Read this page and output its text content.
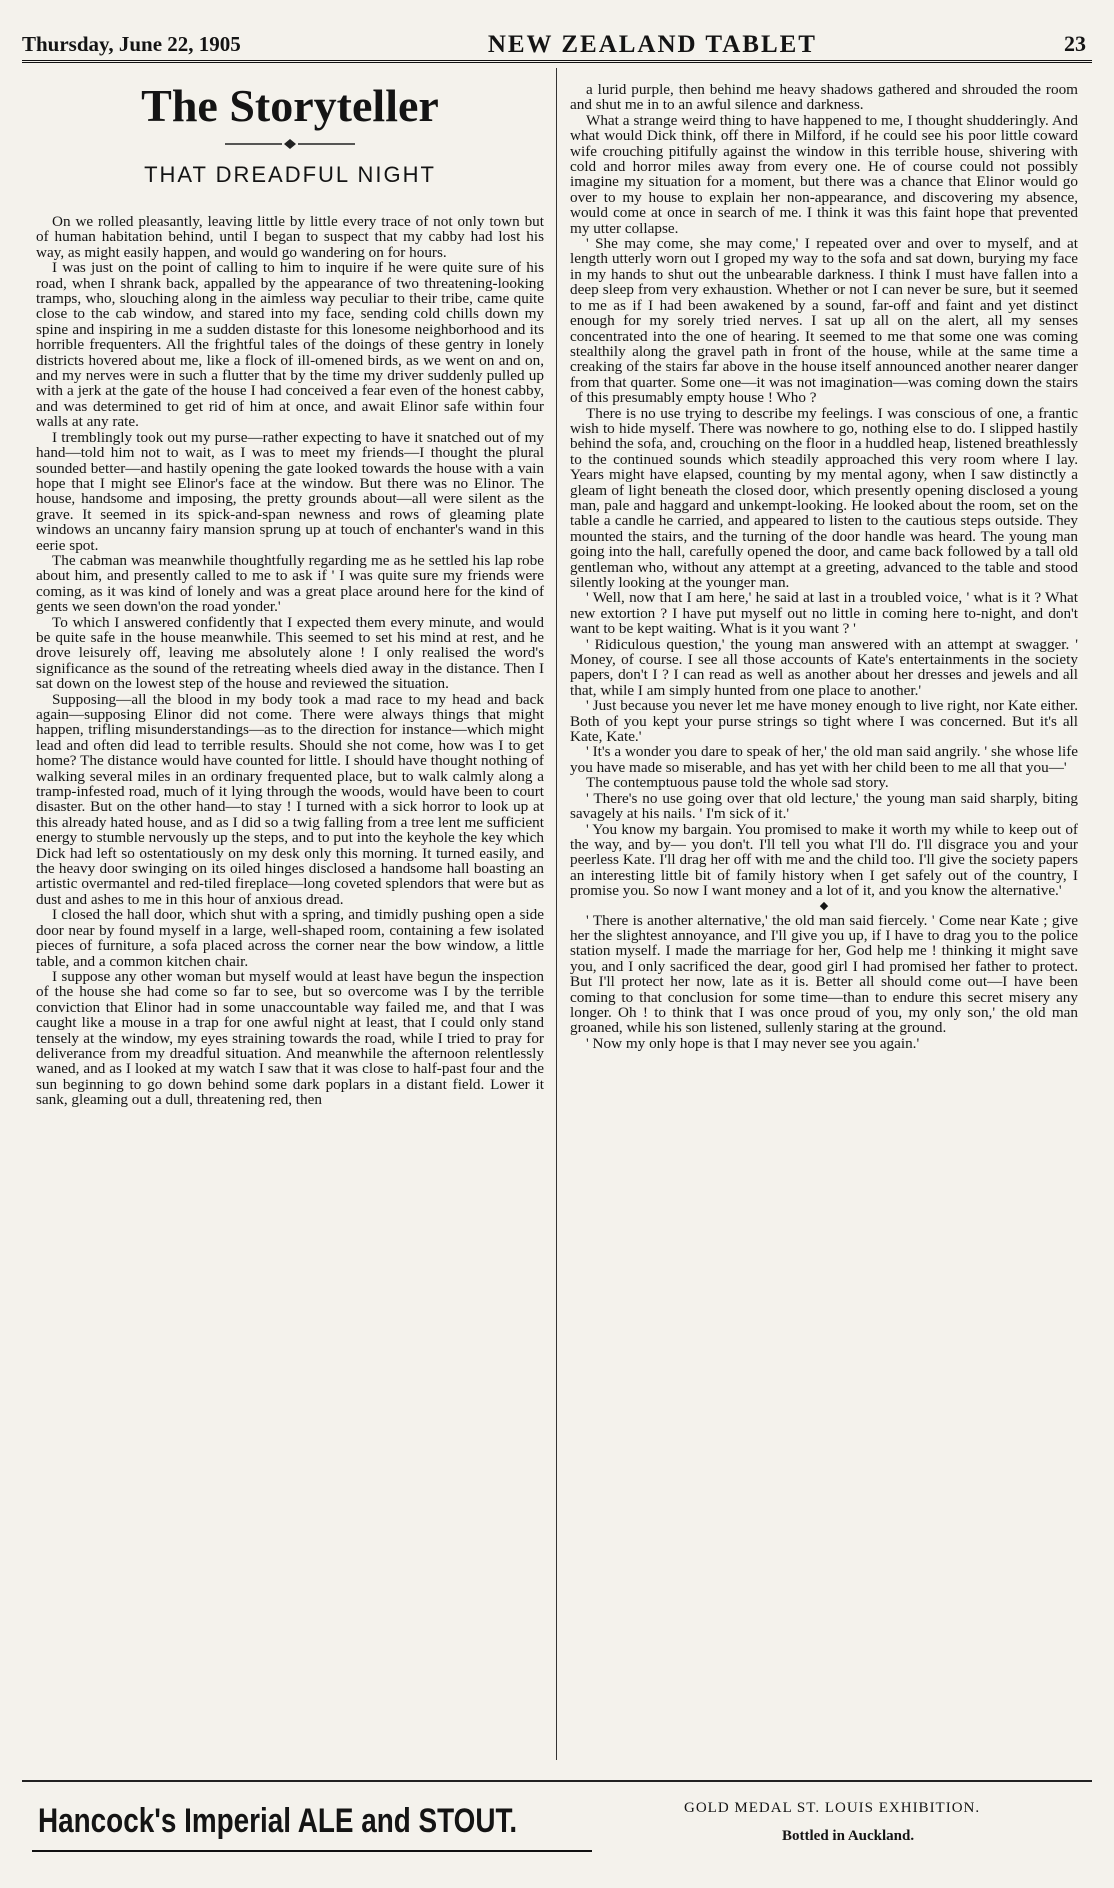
Thursday, June 22, 1905	NEW ZEALAND TABLET	23
The Storyteller
THAT DREADFUL NIGHT

On we rolled pleasantly, leaving little by little every trace of not only town but of human habitation behind, until I began to suspect that my cabby had lost his way, as might easily happen, and would go wandering on for hours.

I was just on the point of calling to him to inquire if he were quite sure of his road, when I shrank back, appalled by the appearance of two threatening-looking tramps, who, slouching along in the aimless way peculiar to their tribe, came quite close to the cab window, and stared into my face, sending cold chills down my spine and inspiring in me a sudden distaste for this lonesome neighborhood and its horrible frequenters. All the frightful tales of the doings of these gentry in lonely districts hovered about me, like a flock of ill-omened birds, as we went on and on, and my nerves were in such a flutter that by the time my driver suddenly pulled up with a jerk at the gate of the house I had conceived a fear even of the honest cabby, and was determined to get rid of him at once, and await Elinor safe within four walls at any rate.

I tremblingly took out my purse—rather expecting to have it snatched out of my hand—told him not to wait, as I was to meet my friends—I thought the plural sounded better—and hastily opening the gate looked towards the house with a vain hope that I might see Elinor's face at the window. But there was no Elinor. The house, handsome and imposing, the pretty grounds about—all were silent as the grave. It seemed in its spick-and-span newness and rows of gleaming plate windows an uncanny fairy mansion sprung up at touch of enchanter's wand in this eerie spot.

The cabman was meanwhile thoughtfully regarding me as he settled his lap robe about him, and presently called to me to ask if ' I was quite sure my friends were coming, as it was kind of lonely and was a great place around here for the kind of gents we seen down'on the road yonder.'

To which I answered confidently that I expected them every minute, and would be quite safe in the house meanwhile. This seemed to set his mind at rest, and he drove leisurely off, leaving me absolutely alone ! I only realised the word's significance as the sound of the retreating wheels died away in the distance. Then I sat down on the lowest step of the house and reviewed the situation.

Supposing—all the blood in my body took a mad race to my head and back again—supposing Elinor did not come. There were always things that might happen, trifling misunderstandings—as to the direction for instance—which might lead and often did lead to terrible results. Should she not come, how was I to get home? The distance would have counted for little. I should have thought nothing of walking several miles in an ordinary frequented place, but to walk calmly along a tramp-infested road, much of it lying through the woods, would have been to court disaster. But on the other hand—to stay ! I turned with a sick horror to look up at this already hated house, and as I did so a twig falling from a tree lent me sufficient energy to stumble nervously up the steps, and to put into the keyhole the key which Dick had left so ostentatiously on my desk only this morning. It turned easily, and the heavy door swinging on its oiled hinges disclosed a handsome hall boasting an artistic overmantel and red-tiled fireplace—long coveted splendors that were but as dust and ashes to me in this hour of anxious dread.

I closed the hall door, which shut with a spring, and timidly pushing open a side door near by found myself in a large, well-shaped room, containing a few isolated pieces of furniture, a sofa placed across the corner near the bow window, a little table, and a common kitchen chair.

I suppose any other woman but myself would at least have begun the inspection of the house she had come so far to see, but so overcome was I by the terrible conviction that Elinor had in some unaccountable way failed me, and that I was caught like a mouse in a trap for one awful night at least, that I could only stand tensely at the window, my eyes straining towards the road, while I tried to pray for deliverance from my dreadful situation. And meanwhile the afternoon relentlessly waned, and as I looked at my watch I saw that it was close to half-past four and the sun beginning to go down behind some dark poplars in a distant field. Lower it sank, gleaming out a dull, threatening red, then

a lurid purple, then behind me heavy shadows gathered and shrouded the room and shut me in to an awful silence and darkness.

What a strange weird thing to have happened to me, I thought shudderingly. And what would Dick think, off there in Milford, if he could see his poor little coward wife crouching pitifully against the window in this terrible house, shivering with cold and horror miles away from every one. He of course could not possibly imagine my situation for a moment, but there was a chance that Elinor would go over to my house to explain her non-appearance, and discovering my absence, would come at once in search of me. I think it was this faint hope that prevented my utter collapse.

' She may come, she may come,' I repeated over and over to myself, and at length utterly worn out I groped my way to the sofa and sat down, burying my face in my hands to shut out the unbearable darkness. I think I must have fallen into a deep sleep from very exhaustion. Whether or not I can never be sure, but it seemed to me as if I had been awakened by a sound, far-off and faint and yet distinct enough for my sorely tried nerves. I sat up all on the alert, all my senses concentrated into the one of hearing. It seemed to me that some one was coming stealthily along the gravel path in front of the house, while at the same time a creaking of the stairs far above in the house itself announced another nearer danger from that quarter. Some one—it was not imagination—was coming down the stairs of this presumably empty house ! Who ?

There is no use trying to describe my feelings. I was conscious of one, a frantic wish to hide myself. There was nowhere to go, nothing else to do. I slipped hastily behind the sofa, and, crouching on the floor in a huddled heap, listened breathlessly to the continued sounds which steadily approached this very room where I lay. Years might have elapsed, counting by my mental agony, when I saw distinctly a gleam of light beneath the closed door, which presently opening disclosed a young man, pale and haggard and unkempt-looking. He looked about the room, set on the table a candle he carried, and appeared to listen to the cautious steps outside. They mounted the stairs, and the turning of the door handle was heard. The young man going into the hall, carefully opened the door, and came back followed by a tall old gentleman who, without any attempt at a greeting, advanced to the table and stood silently looking at the younger man.

' Well, now that I am here,' he said at last in a troubled voice, ' what is it ? What new extortion ? I have put myself out no little in coming here to-night, and don't want to be kept waiting. What is it you want ? '

' Ridiculous question,' the young man answered with an attempt at swagger. ' Money, of course. I see all those accounts of Kate's entertainments in the society papers, don't I ? I can read as well as another about her dresses and jewels and all that, while I am simply hunted from one place to another.'

' Just because you never let me have money enough to live right, nor Kate either. Both of you kept your purse strings so tight where I was concerned. But it's all Kate, Kate.'

' It's a wonder you dare to speak of her,' the old man said angrily. ' she whose life you have made so miserable, and has yet with her child been to me all that you—'

The contemptuous pause told the whole sad story.

' There's no use going over that old lecture,' the young man said sharply, biting savagely at his nails. ' I'm sick of it.'

' You know my bargain. You promised to make it worth my while to keep out of the way, and by— you don't. I'll tell you what I'll do. I'll disgrace you and your peerless Kate. I'll drag her off with me and the child too. I'll give the society papers an interesting little bit of family history when I get safely out of the country, I promise you. So now I want money and a lot of it, and you know the alternative.'

◆

' There is another alternative,' the old man said fiercely. ' Come near Kate ; give her the slightest annoyance, and I'll give you up, if I have to drag you to the police station myself. I made the marriage for her, God help me ! thinking it might save you, and I only sacrificed the dear, good girl I had promised her father to protect. But I'll protect her now, late as it is. Better all should come out—I have been coming to that conclusion for some time—than to endure this secret misery any longer. Oh ! to think that I was once proud of you, my only son,' the old man groaned, while his son listened, sullenly staring at the ground.

' Now my only hope is that I may never see you again.'

Hancock's Imperial ALE and STOUT.	GOLD MEDAL ST. LOUIS EXHIBITION.
Bottled in Auckland.
